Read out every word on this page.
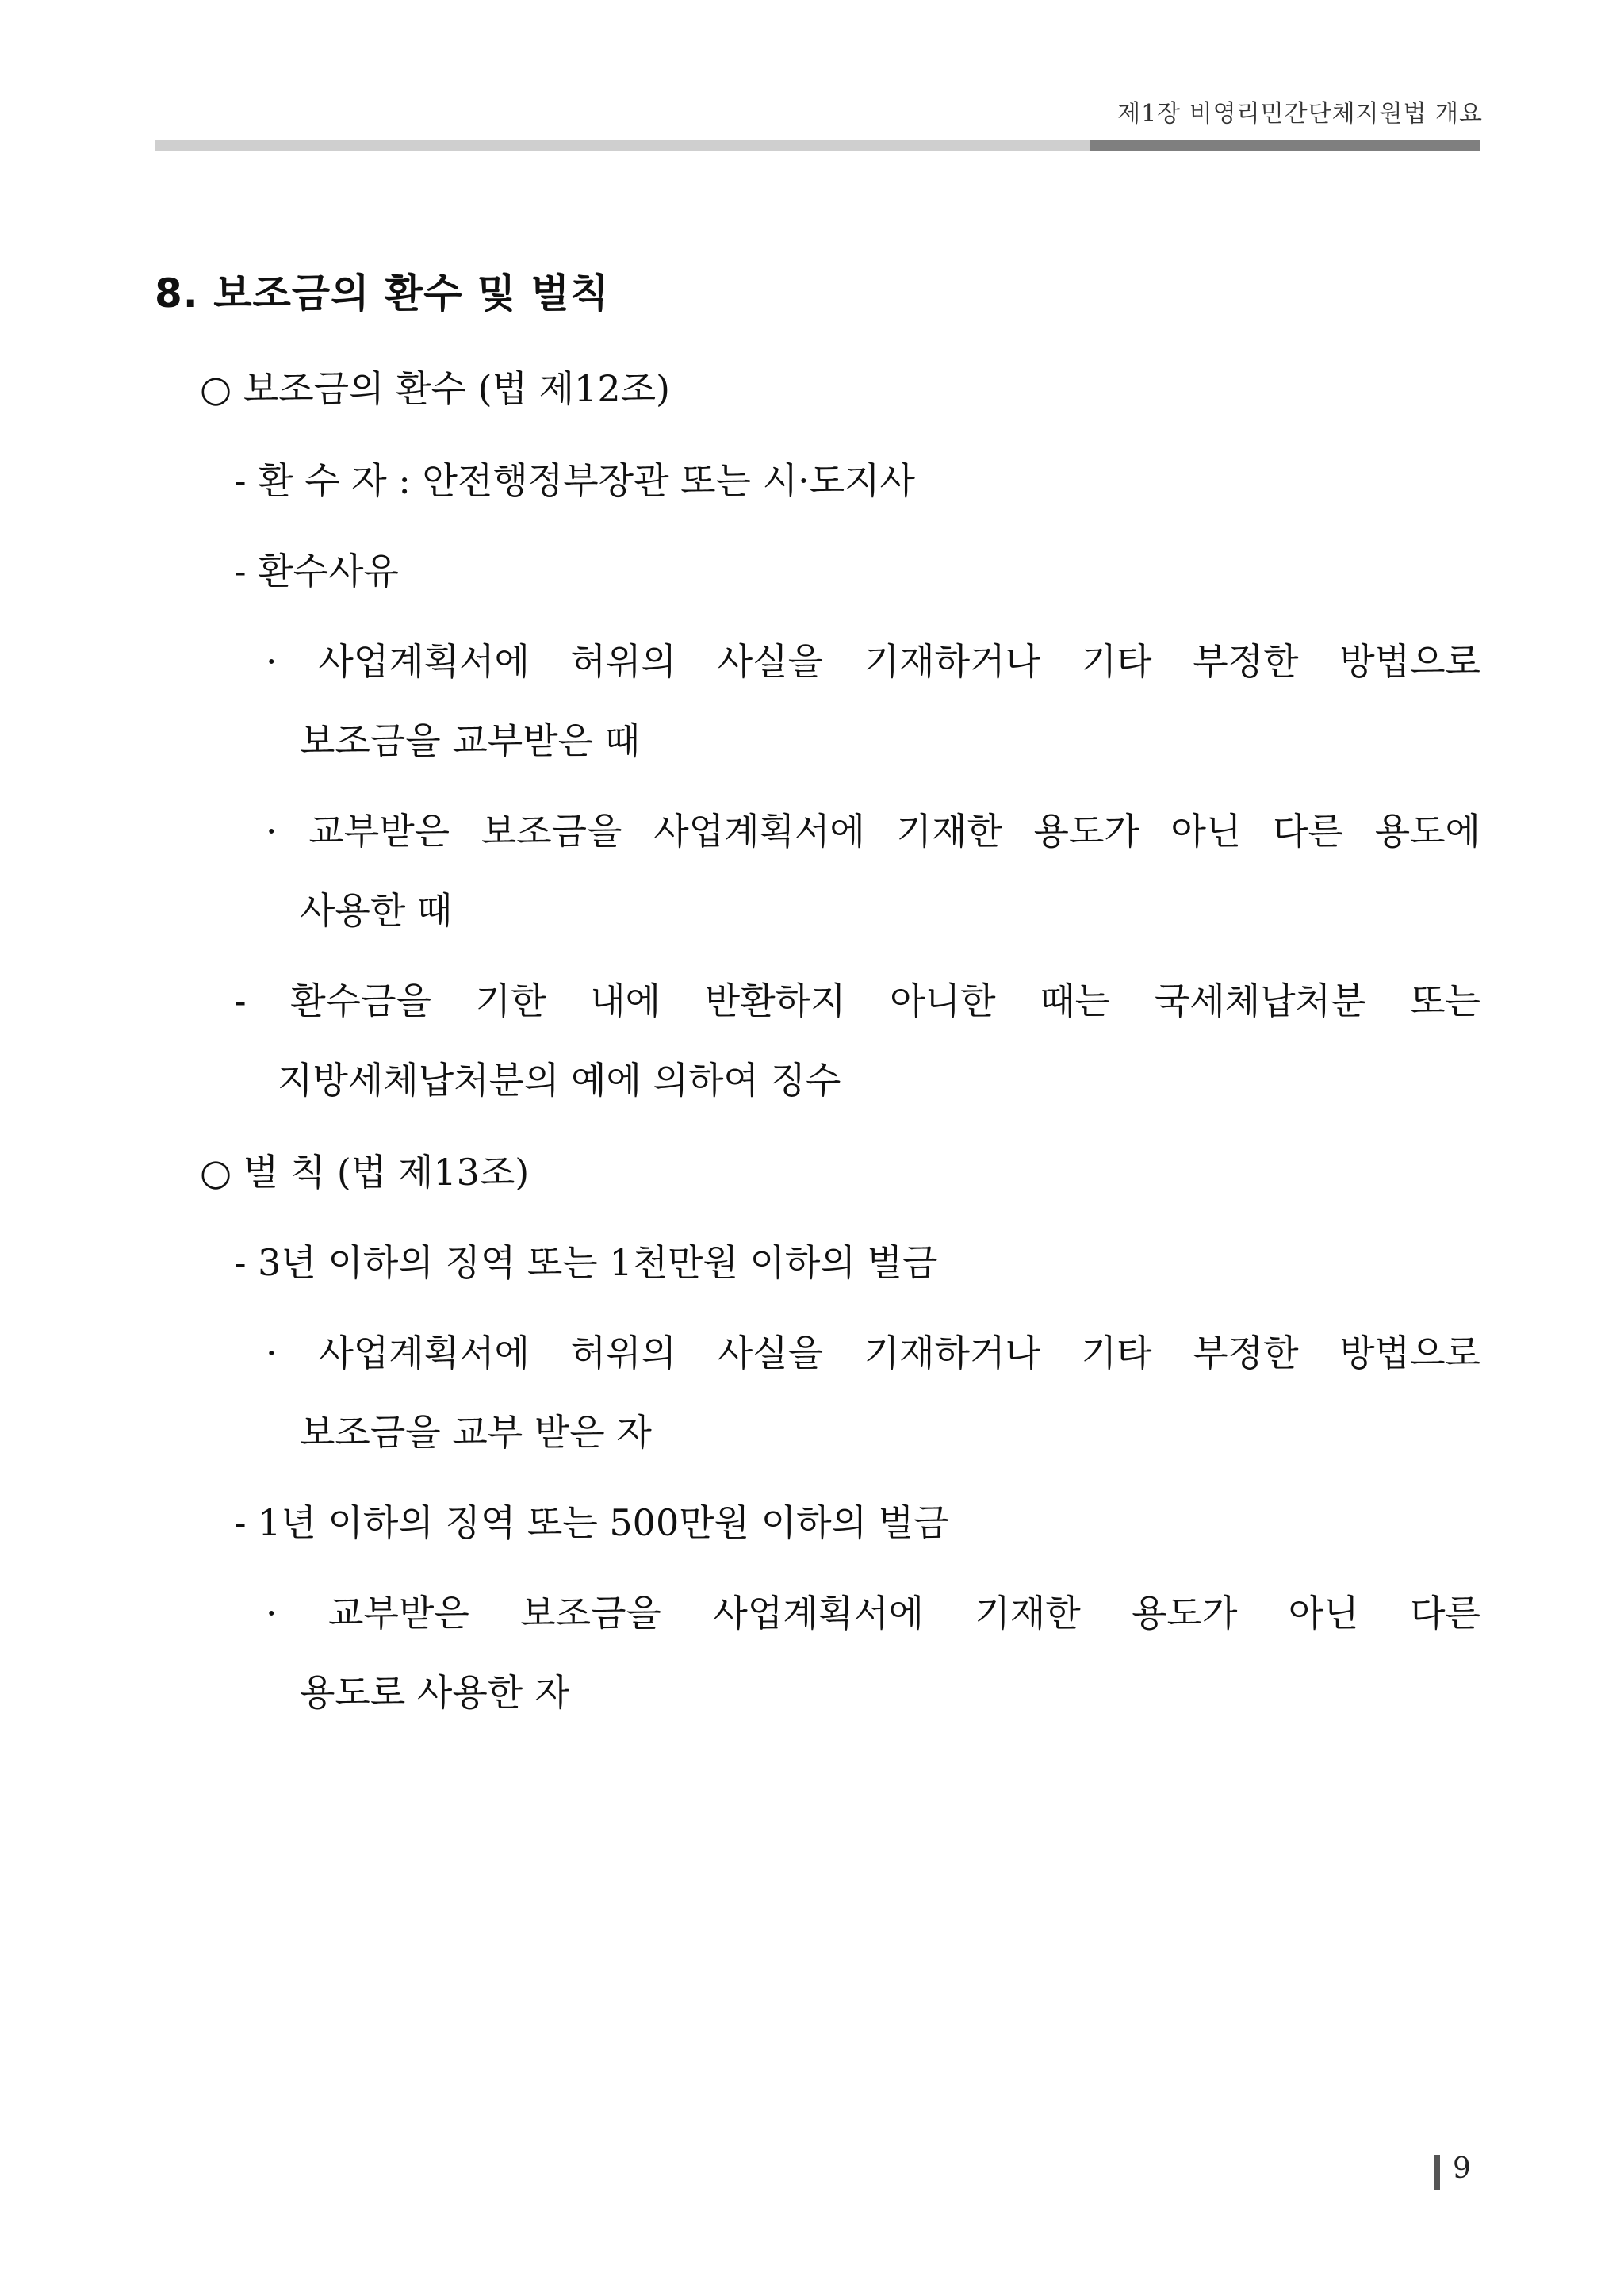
제1장 비영리민간단체지원법 개요
8. 보조금의 환수 및 벌칙
○ 보조금의 환수 (법 제12조)
- 환 수 자 : 안전행정부장관 또는 시·도지사
- 환수사유
· 사업계획서에 허위의 사실을 기재하거나 기타 부정한 방법으로
보조금을 교부받은 때
· 교부받은 보조금을 사업계획서에 기재한 용도가 아닌 다른 용도에
사용한 때
- 환수금을 기한 내에 반환하지 아니한 때는 국세체납처분 또는
지방세체납처분의 예에 의하여 징수
○ 벌 칙 (법 제13조)
- 3년 이하의 징역 또는 1천만원 이하의 벌금
· 사업계획서에 허위의 사실을 기재하거나 기타 부정한 방법으로
보조금을 교부 받은 자
- 1년 이하의 징역 또는 500만원 이하의 벌금
· 교부받은 보조금을 사업계획서에 기재한 용도가 아닌 다른
용도로 사용한 자
9
